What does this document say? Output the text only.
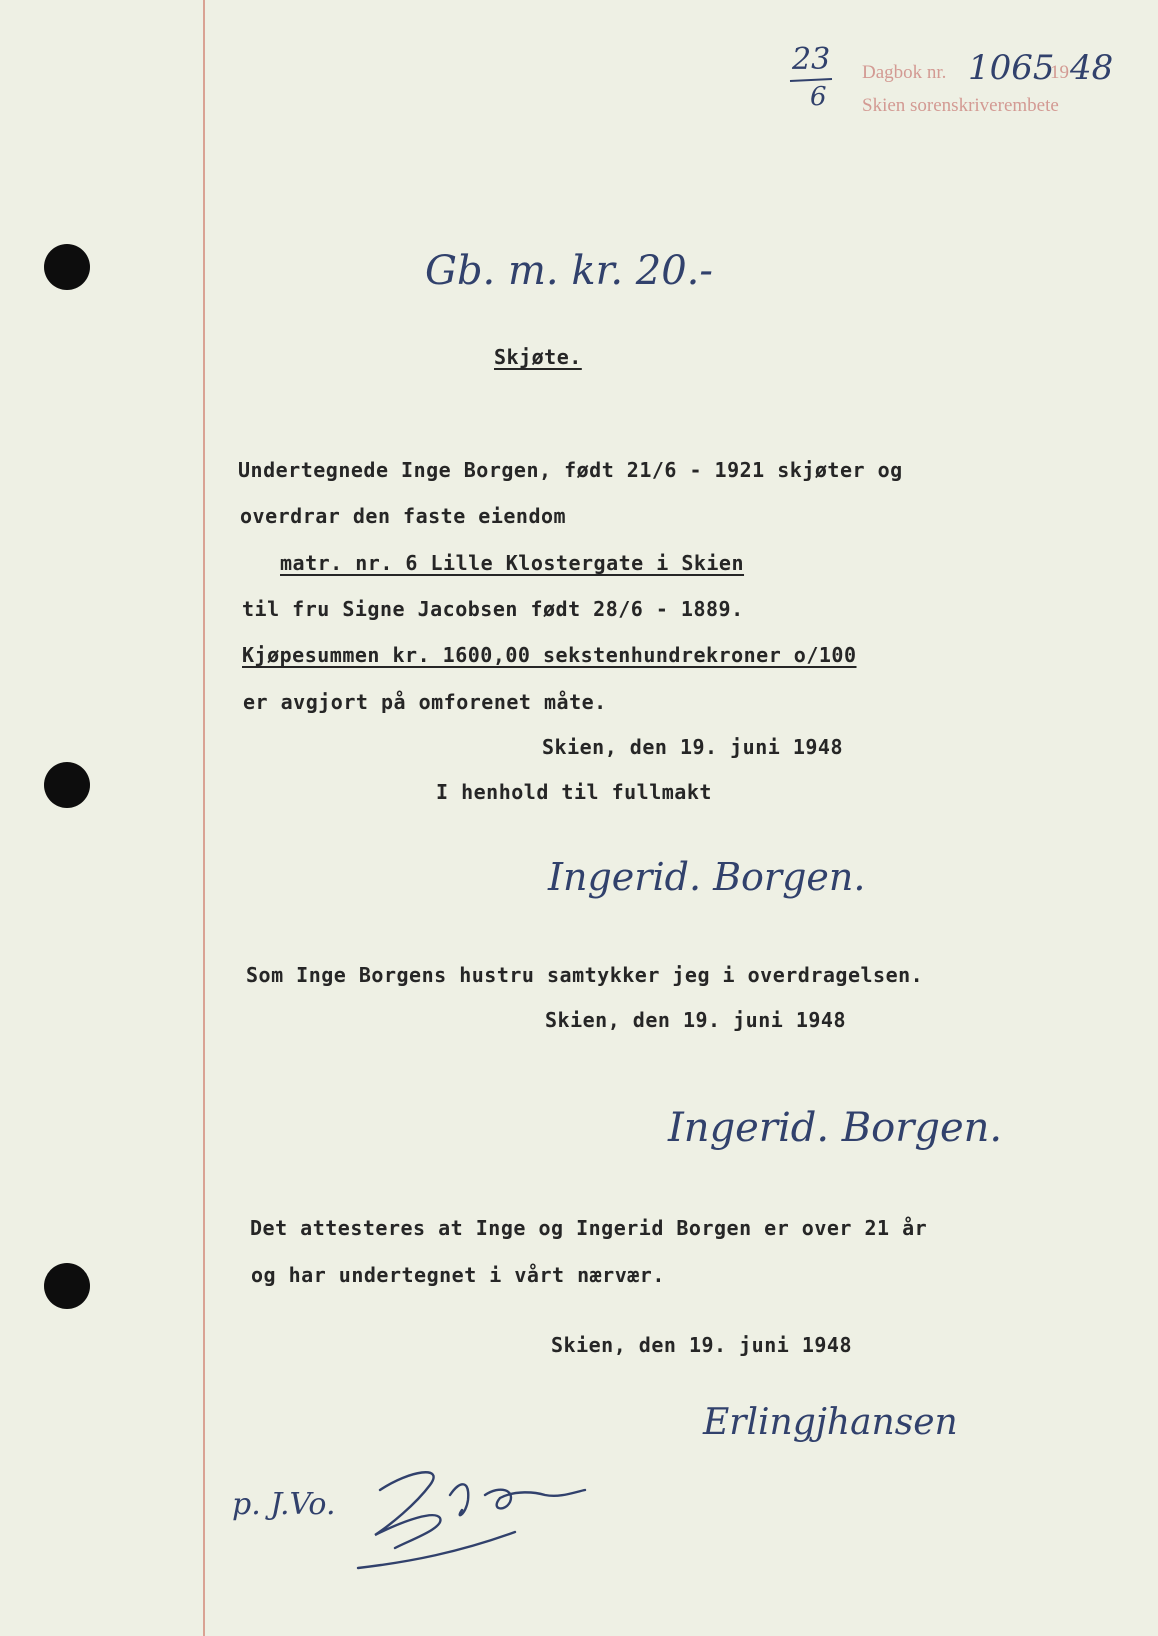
23
6
Dagbok nr. 1065
19 48
Skien sorenskriverembete
Gb. m. kr. 20.-
Skjøte.
Undertegnede Inge Borgen, født 21/6 - 1921 skjøter og
overdrar den faste eiendom
matr. nr. 6 Lille Klostergate i Skien
til fru Signe Jacobsen født 28/6 - 1889.
Kjøpesummen kr. 1600,00 sekstenhundrekroner o/100
er avgjort på omforenet måte.
Skien, den 19. juni 1948
I henhold til fullmakt
Ingerid. Borgen.
Som Inge Borgens hustru samtykker jeg i overdragelsen.
Skien, den 19. juni 1948
Ingerid. Borgen.
Det attesteres at Inge og Ingerid Borgen er over 21 år
og har undertegnet i vårt nærvær.
Skien, den 19. juni 1948
Erlingjhansen
p. J.Vo.
